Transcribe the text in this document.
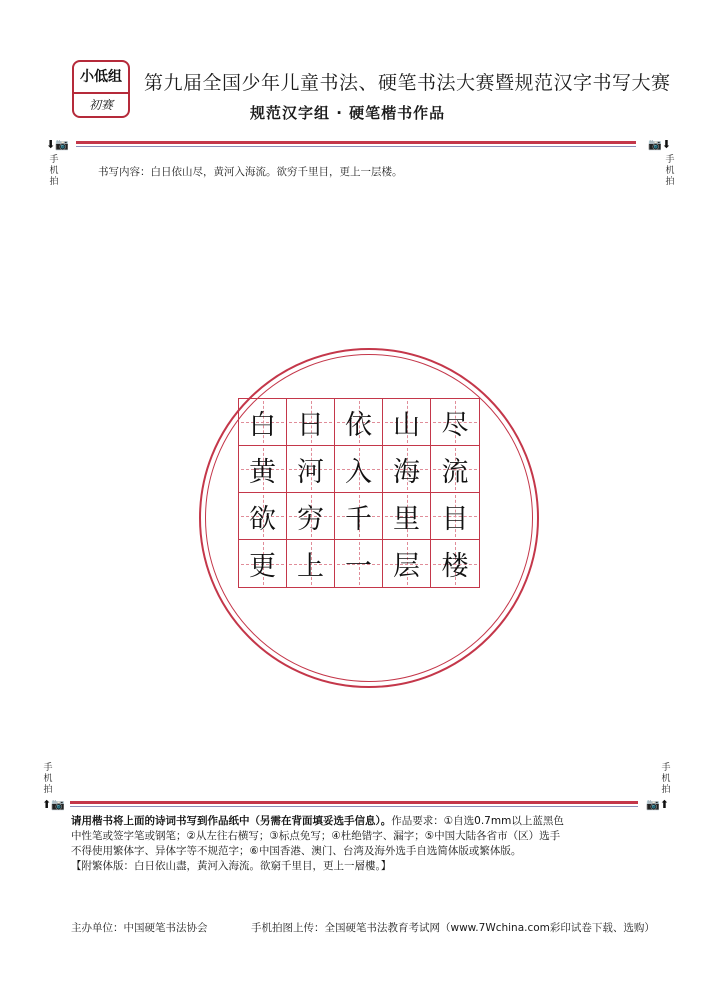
小低组
初赛
第九届全国少年儿童书法、硬笔书法大赛暨规范汉字书写大赛
规范汉字组 · 硬笔楷书作品
⬇📷	📷⬇
手机拍
手机拍
书写内容：白日依山尽，黄河入海流。欲穷千里目，更上一层楼。
白 日 依 山 尽
黄 河 入 海 流
欲 穷 千 里 目
更 上 一 层 楼
手机拍
手机拍
⬆📷	📷⬆
请用楷书将上面的诗词书写到作品纸中（另需在背面填妥选手信息）。作品要求：①自选0.7mm以上蓝黑色
中性笔或签字笔或钢笔；②从左往右横写；③标点免写；④杜绝错字、漏字；⑤中国大陆各省市（区）选手
不得使用繁体字、异体字等不规范字；⑥中国香港、澳门、台湾及海外选手自选简体版或繁体版。
【附繁体版：白日依山盡，黃河入海流。欲窮千里目，更上一層樓。】
主办单位：中国硬笔书法协会	手机拍图上传：全国硬笔书法教育考试网（www.7Wchina.com彩印试卷下载、选购）
